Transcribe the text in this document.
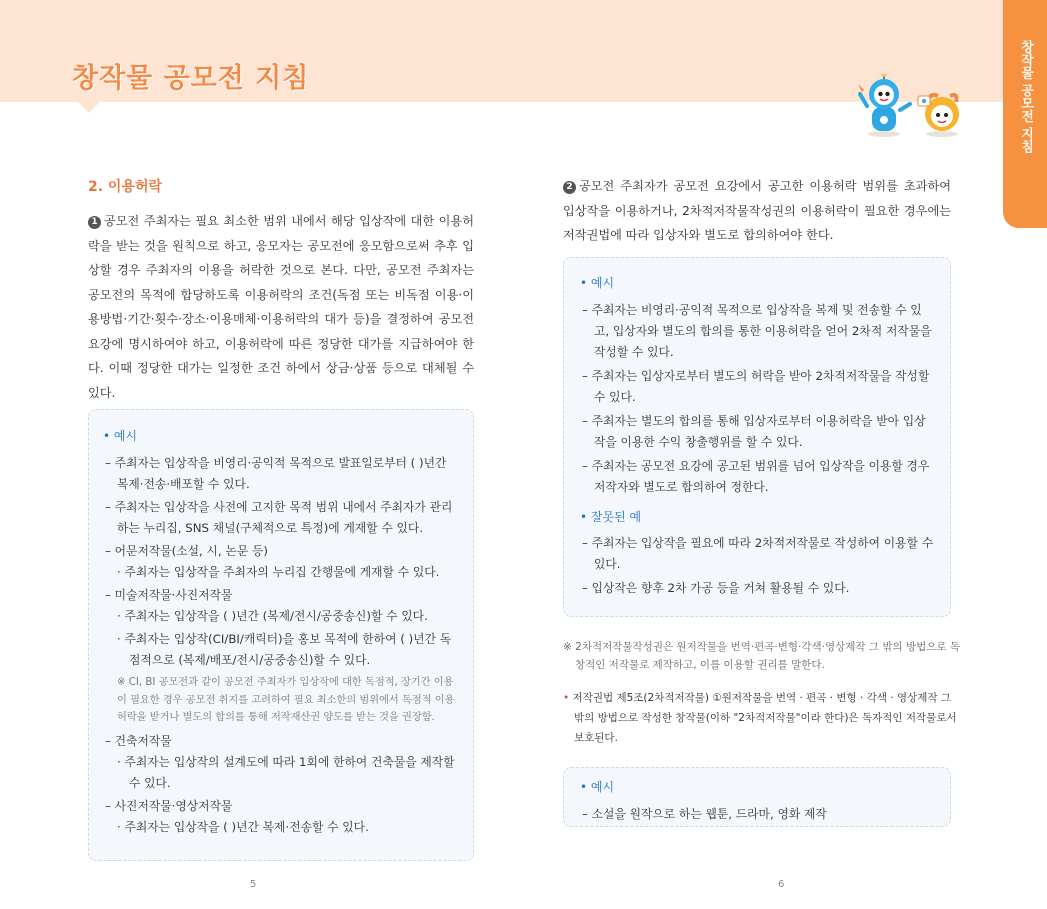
창작물 공모전 지침	창작물 공모전 지침
2. 이용허락

1 공모전 주최자는 필요 최소한 범위 내에서 해당 입상작에 대한 이용허락을 받는 것을 원칙으로 하고, 응모자는 공모전에 응모함으로써 추후 입상할 경우 주최자의 이용을 허락한 것으로 본다. 다만, 공모전 주최자는 공모전의 목적에 합당하도록 이용허락의 조건(독점 또는 비독점 이용·이용방법·기간·횟수·장소·이용매체·이용허락의 대가 등)을 결정하여 공모전 요강에 명시하여야 하고, 이용허락에 따른 정당한 대가를 지급하여야 한다. 이때 정당한 대가는 일정한 조건 하에서 상금·상품 등으로 대체될 수 있다.

• 예시

– 주최자는 입상작을 비영리·공익적 목적으로 발표일로부터 ( )년간 복제·전송·배포할 수 있다.

– 주최자는 입상작을 사전에 고지한 목적 범위 내에서 주최자가 관리하는 누리집, SNS 채널(구체적으로 특정)에 게재할 수 있다.

– 어문저작물(소설, 시, 논문 등)

· 주최자는 입상작을 주최자의 누리집 간행물에 게재할 수 있다.

– 미술저작물·사진저작물

· 주최자는 입상작을 ( )년간 (복제/전시/공중송신)할 수 있다.

· 주최자는 입상작(CI/BI/캐릭터)을 홍보 목적에 한하여 ( )년간 독점적으로 (복제/배포/전시/공중송신)할 수 있다.

※ CI, BI 공모전과 같이 공모전 주최자가 입상작에 대한 독점적, 장기간 이용이 필요한 경우 공모전 취지를 고려하여 필요 최소한의 범위에서 독점적 이용허락을 받거나 별도의 합의를 통해 저작재산권 양도를 받는 것을 권장함.

– 건축저작물

· 주최자는 입상작의 설계도에 따라 1회에 한하여 건축물을 제작할 수 있다.

– 사진저작물·영상저작물

· 주최자는 입상작을 ( )년간 복제·전송할 수 있다.

5

2 공모전 주최자가 공모전 요강에서 공고한 이용허락 범위를 초과하여 입상작을 이용하거나, 2차적저작물작성권의 이용허락이 필요한 경우에는 저작권법에 따라 입상자와 별도로 합의하여야 한다.

• 예시

– 주최자는 비영리·공익적 목적으로 입상작을 복제 및 전송할 수 있고, 입상자와 별도의 합의를 통한 이용허락을 얻어 2차적 저작물을 작성할 수 있다.

– 주최자는 입상자로부터 별도의 허락을 받아 2차적저작물을 작성할 수 있다.

– 주최자는 별도의 합의를 통해 입상자로부터 이용허락을 받아 입상작을 이용한 수익 창출행위를 할 수 있다.

– 주최자는 공모전 요강에 공고된 범위를 넘어 입상작을 이용할 경우 저작자와 별도로 합의하여 정한다.

• 잘못된 예

– 주최자는 입상작을 필요에 따라 2차적저작물로 작성하여 이용할 수 있다.

– 입상작은 향후 2차 가공 등을 거쳐 활용될 수 있다.

※ 2차적저작물작성권은 원저작물을 번역·편곡·변형·각색·영상제작 그 밖의 방법으로 독창적인 저작물로 제작하고, 이를 이용할 권리를 말한다.

• 저작권법 제5조(2차적저작물) ①원저작물을 번역 · 편곡 · 변형 · 각색 · 영상제작 그 밖의 방법으로 작성한 창작물(이하 "2차적저작물"이라 한다)은 독자적인 저작물로서 보호된다.

• 예시

– 소설을 원작으로 하는 웹툰, 드라마, 영화 제작

6
